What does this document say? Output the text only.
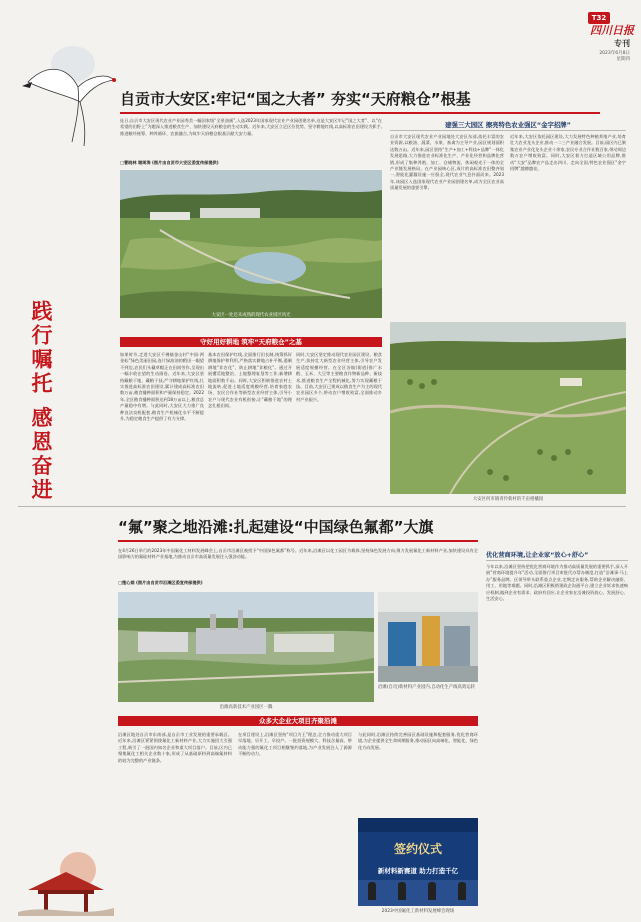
T32
四川日报
专刊
2023年6月8日
星期四
践行嘱托 感恩奋进
自贡市大安区:牢记“国之大者” 夯实“天府粮仓”根基
连日,自贡市大安区现代农业产业园秀美一幅国家级“全景油画”,入选2023年国家现代农业产业园创建名单,这是大安区牢记“国之大者”、以“在希望的田野上”为题深入推进粮食生产、加快建设天府粮仓的生动实践。近年来,大安区立足区位优势、坚守耕地红线,以高标准农田建设为抓手,推进粮经统筹、种养循环、农旅融合,为筑牢天府粮仓根基贡献大安力量。
□曹晓林 谢周涛 (图片由自贡市大安区委宣传部提供)
大安区一处还未成熟的现代农业园区风光
守好用好耕地 筑牢“天府粮仓”之基
如果时节,走进大安区千佛镇金山村“中国·两金仙”绿色美丽田园,连片绿油油的稻田一眼望不到边,农民们头戴草帽正在田间劳作,呈现出一幅丰收在望的生动画卷。近年来,大安区坚持藏粮于地、藏粮于技,严守耕地保护红线,扎实推进高标准农田建设,累计建成高标准农田数万亩,粮食播种面积和产量保持稳定。2022年,全区粮食播种面积达到18万亩以上,粮食总产量稳中有增。与此同时,大安区大力推广良种良法良机配套,粮食生产机械化水平不断提升,为稳定粮食生产提供了有力支撑。
基本农田保护红线,全面推行田长制,统筹抓好耕地保护和利用,严格落实耕地占补平衡,遏制耕地“非农化”、防止耕地“非粮化”。通过开展撂荒地整治、土地整理复垦等工作,新增耕地面积数千亩。同时,大安区积极推进农村土地流转,促进土地适度规模经营,培育家庭农场、农民合作社等新型农业经营主体,引导小农户与现代农业有机衔接,让“藏粮于地”的理念扎根田间。
同时,大安区坚定推动现代农业园区建设、粮食生产,扶持壮大新型农业经营主体,引导农户发展适度规模经营。在全区各镇(街道)推广水稻、玉米、大豆等主要粮食作物新品种、新技术,推进粮食生产全程机械化,努力实现藏粮于技。目前,大安区已建成以粮食生产为主的现代农业园区多个,带动农户增收致富,全面推动乡村产业振兴。
建强三大园区 擦亮特色农业强区“金字招牌”
自贡市大安区现代农业产业园地处大安区东部,依托丰富的农业资源,以粮油、蔬菜、水果、畜禽为主导产业,园区规划面积达数万亩。近年来,园区坚持“生产+加工+科技+品牌”一体化发展思路,大力推进农业标准化生产、产业化经营和品牌化营销,形成了集种养殖、加工、仓储物流、休闲观光于一体的全产业链发展格局。在产业园核心区,成片的高标准农田整齐划一,智能化灌溉设施一应俱全,现代农业气息扑面而来。2023年,该园区入选国家现代农业产业园创建名单,成为全区农业高质量发展的重要引擎。
近年来,大安区依托园区建设,大力发展特色种植养殖产业,培育壮大农业龙头企业,推动一二三产业融合发展。目前,园区内已聚集农业产业化龙头企业十余家,农民专业合作社数百家,带动周边数万农户增收致富。同时,大安区着力打造区域公用品牌,推动“大安”品牌农产品走出四川、走向全国,特色农业强区“金字招牌”越擦越亮。
大安区何市镇青伶新村的千亩柑橘园
“氟”聚之地沿滩:扎起建设“中国绿色氟都”大旗
在4月26日举行的2023年中国氟化工材料发展峰会上,自贡市沿滩区被授予“中国绿色氟都”称号。近年来,沿滩区以化工园区为载体,坚持绿色发展方向,聚力发展氟化工新材料产业,加快建设具有全国影响力的氟硅材料产业基地,为推动自贡市高质量发展注入强劲动能。
□莲心娟 (图片由自贡市沿滩区委宣传部提供)
沿滩高新技术产业园区一隅
沿滩(自贡)新材料产业园内,自动化生产线高效运转
众多大企业大项目齐聚沿滩
沿滩区地处自贡市东南部,是自贡市工业发展的重要承载区。近年来,沿滩区紧紧围绕氟化工新材料产业,大力实施招大引强工程,吸引了一批国内知名企业和重大项目落户。目前,区内已聚集氟化工相关企业数十家,形成了从基础原料到高端氟材料的较为完整的产业链条。
在项目建设上,沿滩区坚持“项目为王”理念,全力推动重大项目早落地、早开工、早投产。一批投资规模大、科技含量高、带动能力强的氟化工项目相继签约落地,为产业发展注入了源源不断的动力。
与此同时,沿滩区持续完善园区基础设施和配套服务,优化营商环境,为企业提供全生命周期服务,推动园区向高端化、智能化、绿色化方向发展。
签约仪式
新材料新赛道 助力打造千亿
2023中国氟化工新材料发展峰会现场
优化营商环境,让企业家“放心+舒心”
今年以来,沿滩区坚持把优化营商环境作为推动高质量发展的重要抓手,深入开展“营商环境提升年”活动,全面推行项目审批代办帮办制度,打造“沿滩事·马上办”服务品牌。区领导带头联系重点企业,定期走访服务,帮助企业解决融资、用工、用地等难题。同时,沿滩区积极搭建政企沟通平台,建立企业诉求快速响应机制,做到企业有需求、政府有回应,让企业家在沿滩投资放心、发展舒心、生活安心。
